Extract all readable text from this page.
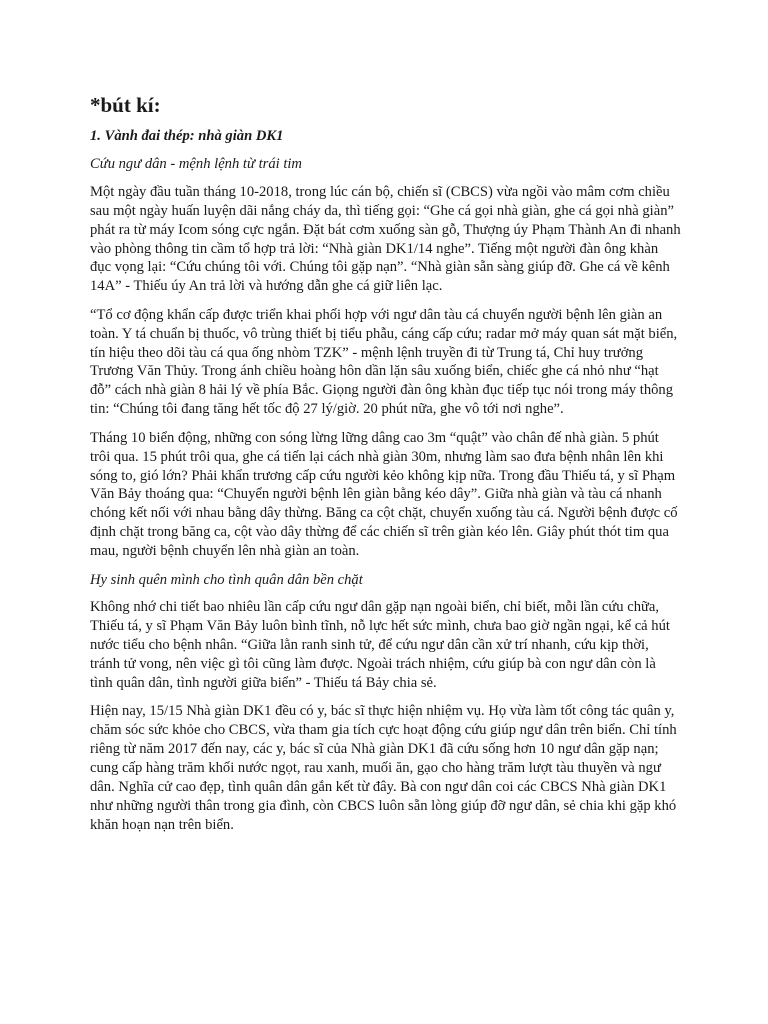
*bút kí:
1. Vành đai thép: nhà giàn DK1
Cứu ngư dân - mệnh lệnh từ trái tim

Một ngày đầu tuần tháng 10-2018, trong lúc cán bộ, chiến sĩ (CBCS) vừa ngồi vào mâm cơm chiều sau một ngày huấn luyện dãi nắng cháy da, thì tiếng gọi: “Ghe cá gọi nhà giàn, ghe cá gọi nhà giàn” phát ra từ máy Icom sóng cực ngắn. Đặt bát cơm xuống sàn gỗ, Thượng úy Phạm Thành An đi nhanh vào phòng thông tin cầm tổ hợp trả lời: “Nhà giàn DK1/14 nghe”. Tiếng một người đàn ông khàn đục vọng lại: “Cứu chúng tôi với. Chúng tôi gặp nạn”. “Nhà giàn sẵn sàng giúp đỡ. Ghe cá về kênh 14A” - Thiếu úy An trả lời và hướng dẫn ghe cá giữ liên lạc.

“Tổ cơ động khẩn cấp được triển khai phối hợp với ngư dân tàu cá chuyển người bệnh lên giàn an toàn. Y tá chuẩn bị thuốc, vô trùng thiết bị tiểu phẫu, cáng cấp cứu; radar mở máy quan sát mặt biển, tín hiệu theo dõi tàu cá qua ống nhòm TZK” - mệnh lệnh truyền đi từ Trung tá, Chỉ huy trưởng Trương Văn Thủy. Trong ánh chiều hoàng hôn dần lặn sâu xuống biển, chiếc ghe cá nhỏ như “hạt đỗ” cách nhà giàn 8 hải lý về phía Bắc. Giọng người đàn ông khàn đục tiếp tục nói trong máy thông tin: “Chúng tôi đang tăng hết tốc độ 27 lý/giờ. 20 phút nữa, ghe vô tới nơi nghe”.

Tháng 10 biển động, những con sóng lừng lững dâng cao 3m “quật” vào chân đế nhà giàn. 5 phút trôi qua. 15 phút trôi qua, ghe cá tiến lại cách nhà giàn 30m, nhưng làm sao đưa bệnh nhân lên khi sóng to, gió lớn? Phải khẩn trương cấp cứu người kẻo không kịp nữa. Trong đầu Thiếu tá, y sĩ Phạm Văn Bảy thoáng qua: “Chuyển người bệnh lên giàn bằng kéo dây”. Giữa nhà giàn và tàu cá nhanh chóng kết nối với nhau bằng dây thừng. Băng ca cột chặt, chuyển xuống tàu cá. Người bệnh được cố định chặt trong băng ca, cột vào dây thừng để các chiến sĩ trên giàn kéo lên. Giây phút thót tim qua mau, người bệnh chuyển lên nhà giàn an toàn.

Hy sinh quên mình cho tình quân dân bền chặt

Không nhớ chi tiết bao nhiêu lần cấp cứu ngư dân gặp nạn ngoài biển, chỉ biết, mỗi lần cứu chữa, Thiếu tá, y sĩ Phạm Văn Bảy luôn bình tĩnh, nỗ lực hết sức mình, chưa bao giờ ngần ngại, kể cả hút nước tiểu cho bệnh nhân. “Giữa lằn ranh sinh tử, để cứu ngư dân cần xử trí nhanh, cứu kịp thời, tránh tử vong, nên việc gì tôi cũng làm được. Ngoài trách nhiệm, cứu giúp bà con ngư dân còn là tình quân dân, tình người giữa biển” - Thiếu tá Bảy chia sẻ.

Hiện nay, 15/15 Nhà giàn DK1 đều có y, bác sĩ thực hiện nhiệm vụ. Họ vừa làm tốt công tác quân y, chăm sóc sức khỏe cho CBCS, vừa tham gia tích cực hoạt động cứu giúp ngư dân trên biển. Chỉ tính riêng từ năm 2017 đến nay, các y, bác sĩ của Nhà giàn DK1 đã cứu sống hơn 10 ngư dân gặp nạn; cung cấp hàng trăm khối nước ngọt, rau xanh, muối ăn, gạo cho hàng trăm lượt tàu thuyền và ngư dân. Nghĩa cử cao đẹp, tình quân dân gắn kết từ đây. Bà con ngư dân coi các CBCS Nhà giàn DK1 như những người thân trong gia đình, còn CBCS luôn sẵn lòng giúp đỡ ngư dân, sẻ chia khi gặp khó khăn hoạn nạn trên biển.
